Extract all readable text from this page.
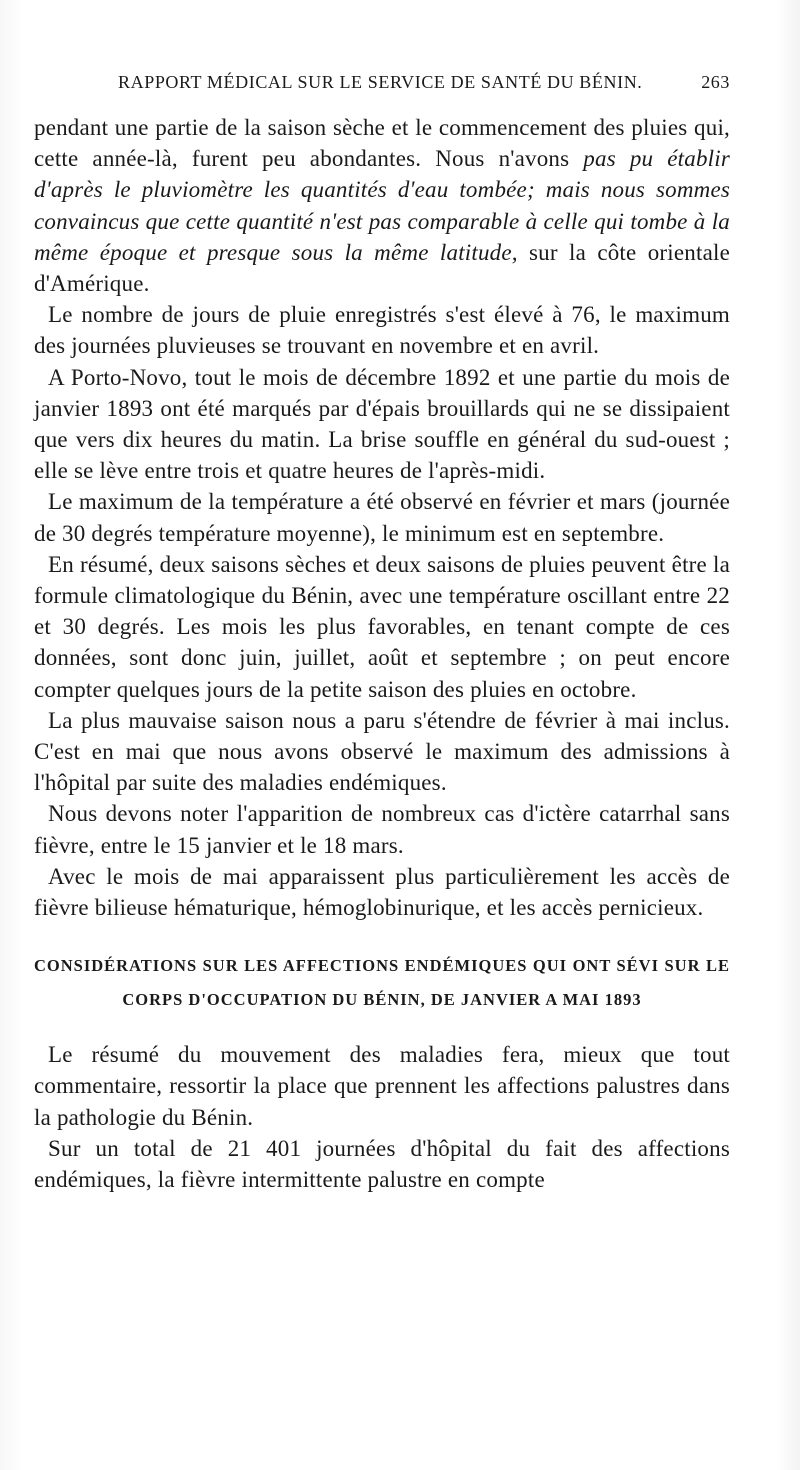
RAPPORT MÉDICAL SUR LE SERVICE DE SANTÉ DU BÉNIN.	263

pendant une partie de la saison sèche et le commencement des pluies qui, cette année-là, furent peu abondantes. Nous n'avons pas pu établir d'après le pluviomètre les quantités d'eau tombée; mais nous sommes convaincus que cette quantité n'est pas comparable à celle qui tombe à la même époque et presque sous la même latitude, sur la côte orientale d'Amérique.

Le nombre de jours de pluie enregistrés s'est élevé à 76, le maximum des journées pluvieuses se trouvant en novembre et en avril.

A Porto-Novo, tout le mois de décembre 1892 et une partie du mois de janvier 1893 ont été marqués par d'épais brouillards qui ne se dissipaient que vers dix heures du matin. La brise souffle en général du sud-ouest ; elle se lève entre trois et quatre heures de l'après-midi.

Le maximum de la température a été observé en février et mars (journée de 30 degrés température moyenne), le minimum est en septembre.

En résumé, deux saisons sèches et deux saisons de pluies peuvent être la formule climatologique du Bénin, avec une température oscillant entre 22 et 30 degrés. Les mois les plus favorables, en tenant compte de ces données, sont donc juin, juillet, août et septembre ; on peut encore compter quelques jours de la petite saison des pluies en octobre.

La plus mauvaise saison nous a paru s'étendre de février à mai inclus. C'est en mai que nous avons observé le maximum des admissions à l'hôpital par suite des maladies endémiques.

Nous devons noter l'apparition de nombreux cas d'ictère catarrhal sans fièvre, entre le 15 janvier et le 18 mars.

Avec le mois de mai apparaissent plus particulièrement les accès de fièvre bilieuse hématurique, hémoglobinurique, et les accès pernicieux.

CONSIDÉRATIONS SUR LES AFFECTIONS ENDÉMIQUES QUI ONT SÉVI SUR LE CORPS D'OCCUPATION DU BÉNIN, DE JANVIER A MAI 1893

Le résumé du mouvement des maladies fera, mieux que tout commentaire, ressortir la place que prennent les affections palustres dans la pathologie du Bénin.

Sur un total de 21 401 journées d'hôpital du fait des affections endémiques, la fièvre intermittente palustre en compte
